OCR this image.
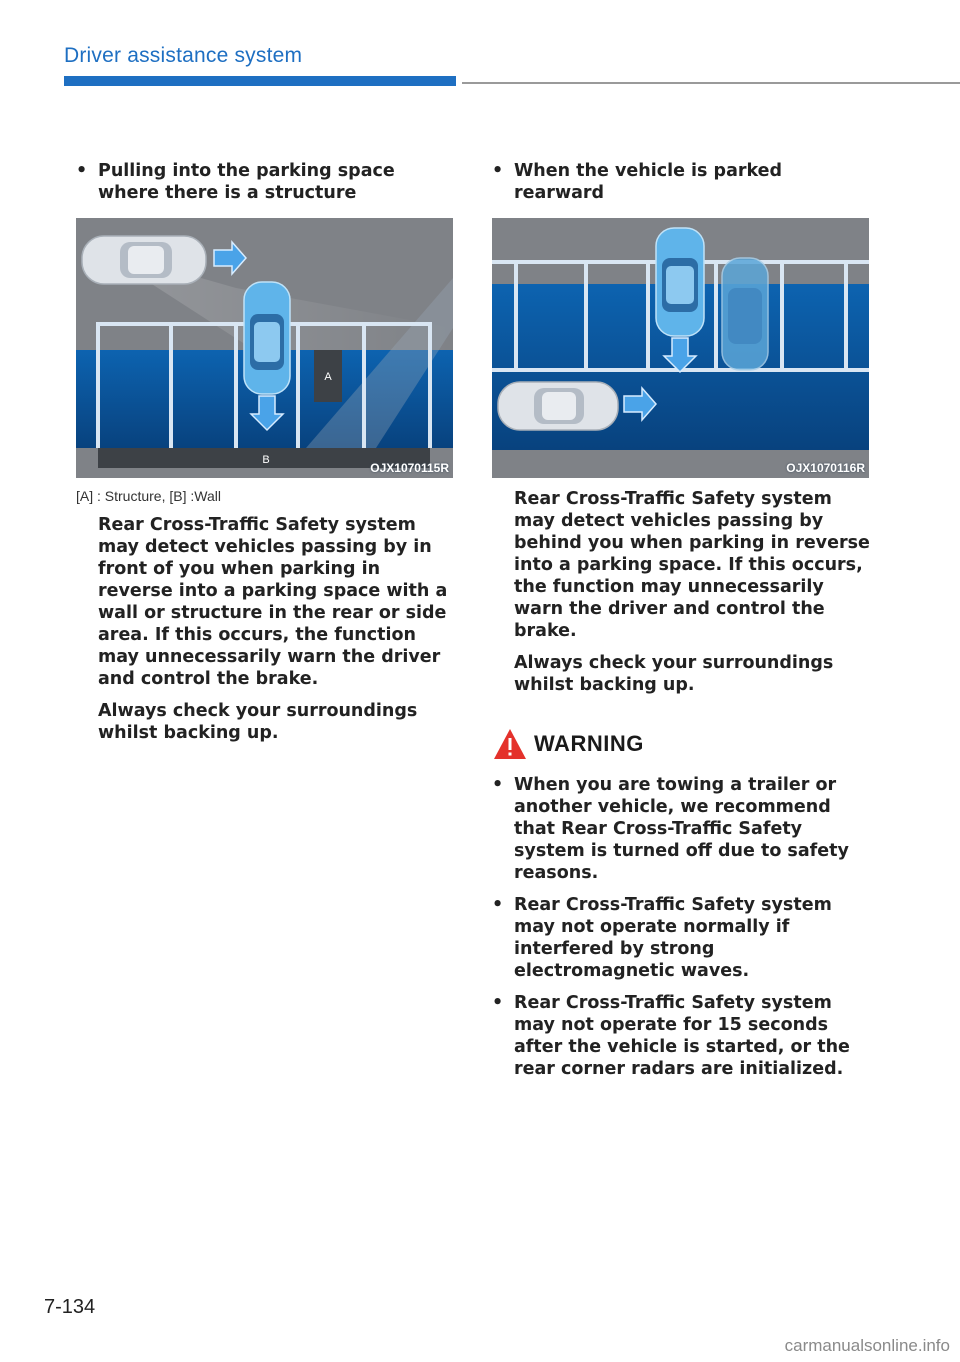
Driver assistance system
• Pulling into the parking space where there is a structure
A
B
OJX1070115R
[A] : Structure, [B] :Wall
Rear Cross-Traffic Safety system may detect vehicles passing by in front of you when parking in reverse into a parking space with a wall or structure in the rear or side area. If this occurs, the function may unnecessarily warn the driver and control the brake.
Always check your surroundings whilst backing up.
• When the vehicle is parked rearward
OJX1070116R
Rear Cross-Traffic Safety system may detect vehicles passing by behind you when parking in reverse into a parking space. If this occurs, the function may unnecessarily warn the driver and control the brake.
Always check your surroundings whilst backing up.
WARNING
• When you are towing a trailer or another vehicle, we recommend that Rear Cross-Traffic Safety system is turned off due to safety reasons.
• Rear Cross-Traffic Safety system may not operate normally if interfered by strong electromagnetic waves.
• Rear Cross-Traffic Safety system may not operate for 15 seconds after the vehicle is started, or the rear corner radars are initialized.
7-134
carmanualsonline.info
